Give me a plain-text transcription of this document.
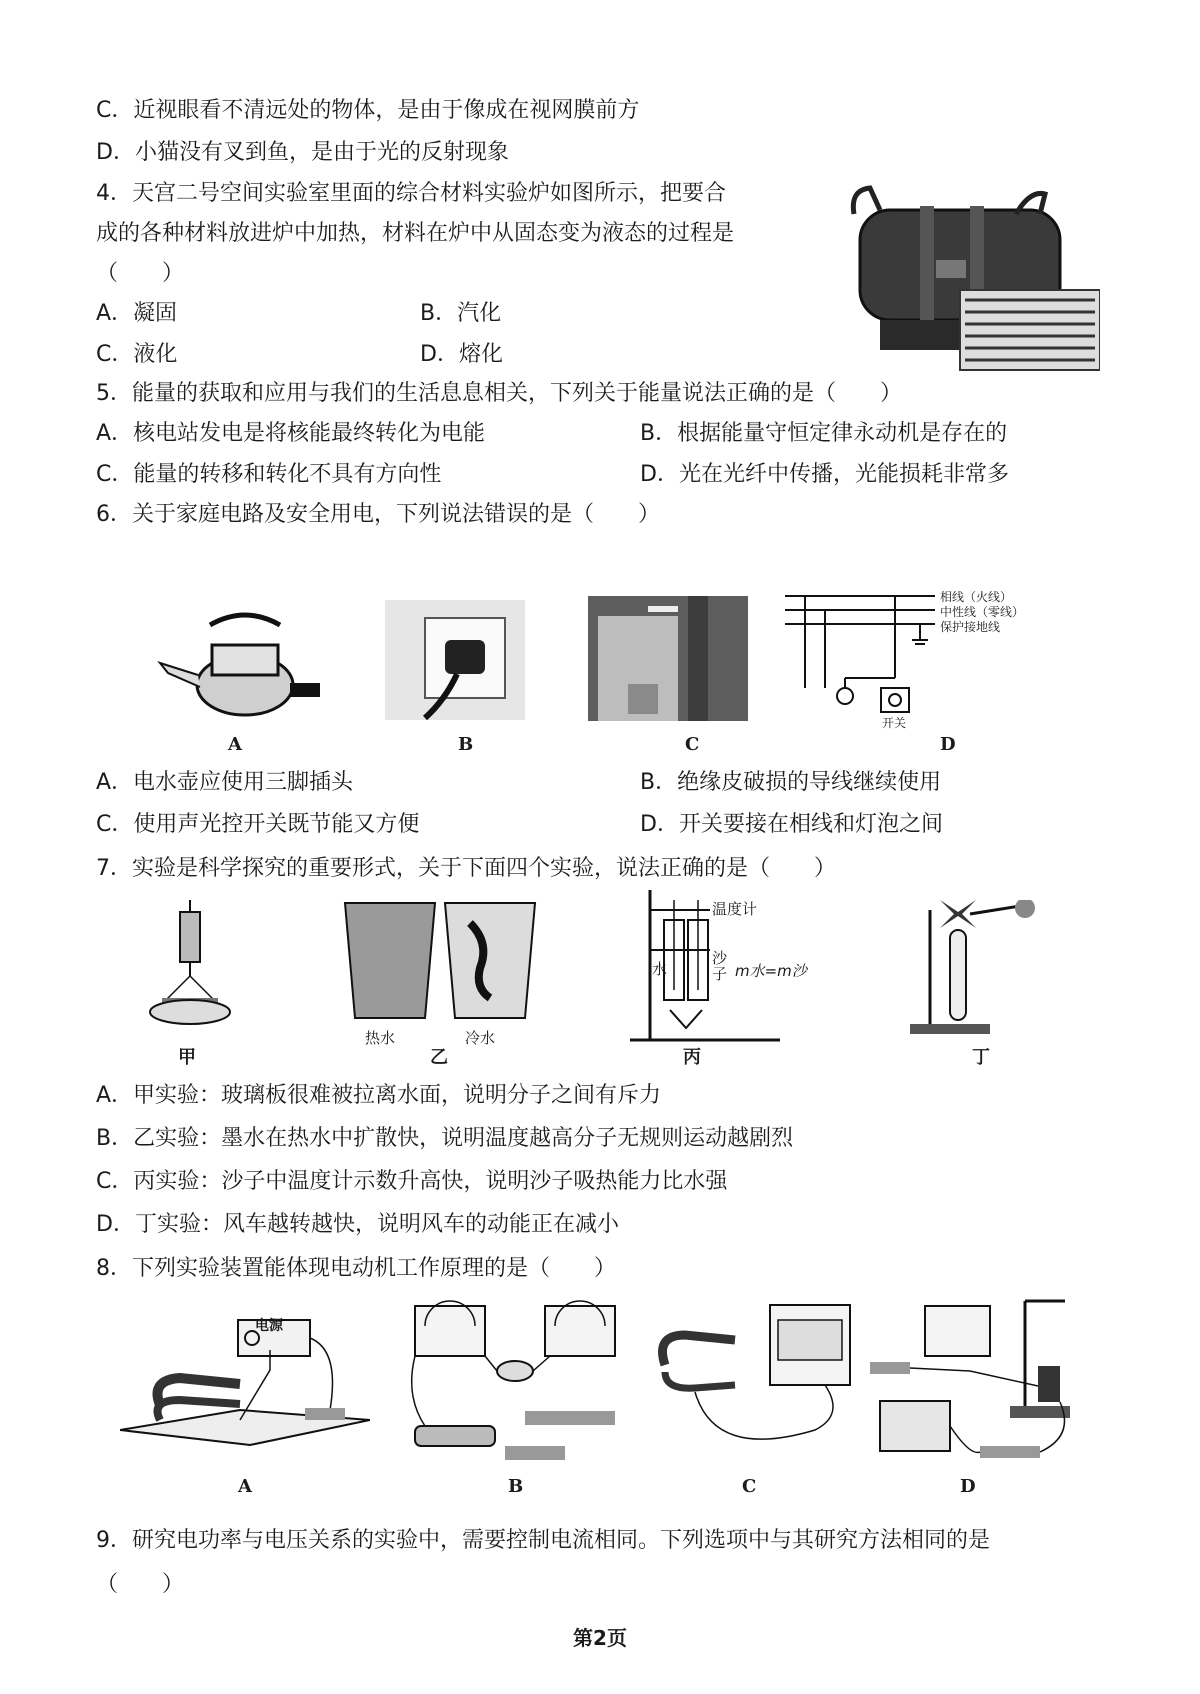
C．近视眼看不清远处的物体，是由于像成在视网膜前方
D．小猫没有叉到鱼，是由于光的反射现象
4．天宫二号空间实验室里面的综合材料实验炉如图所示，把要合
成的各种材料放进炉中加热，材料在炉中从固态变为液态的过程是
（　　）
A．凝固	B．汽化
C．液化	D．熔化
5．能量的获取和应用与我们的生活息息相关，下列关于能量说法正确的是（　　）
A．核电站发电是将核能最终转化为电能	B．根据能量守恒定律永动机是存在的
C．能量的转移和转化不具有方向性	D．光在光纤中传播，光能损耗非常多
6．关于家庭电路及安全用电，下列说法错误的是（　　）
相线（火线）
中性线（零线）
保护接地线
开关
A	B	C	D
A．电水壶应使用三脚插头	B．绝缘皮破损的导线继续使用
C．使用声光控开关既节能又方便	D．开关要接在相线和灯泡之间
7．实验是科学探究的重要形式，关于下面四个实验，说法正确的是（　　）
热水	冷水
温度计
水
沙子 m水=m沙
甲	乙	丙	丁
A．甲实验：玻璃板很难被拉离水面，说明分子之间有斥力
B．乙实验：墨水在热水中扩散快，说明温度越高分子无规则运动越剧烈
C．丙实验：沙子中温度计示数升高快，说明沙子吸热能力比水强
D．丁实验：风车越转越快，说明风车的动能正在减小
8．下列实验装置能体现电动机工作原理的是（　　）
电源
A	B	C	D
9．研究电功率与电压关系的实验中，需要控制电流相同。下列选项中与其研究方法相同的是
（　　）
第2页
